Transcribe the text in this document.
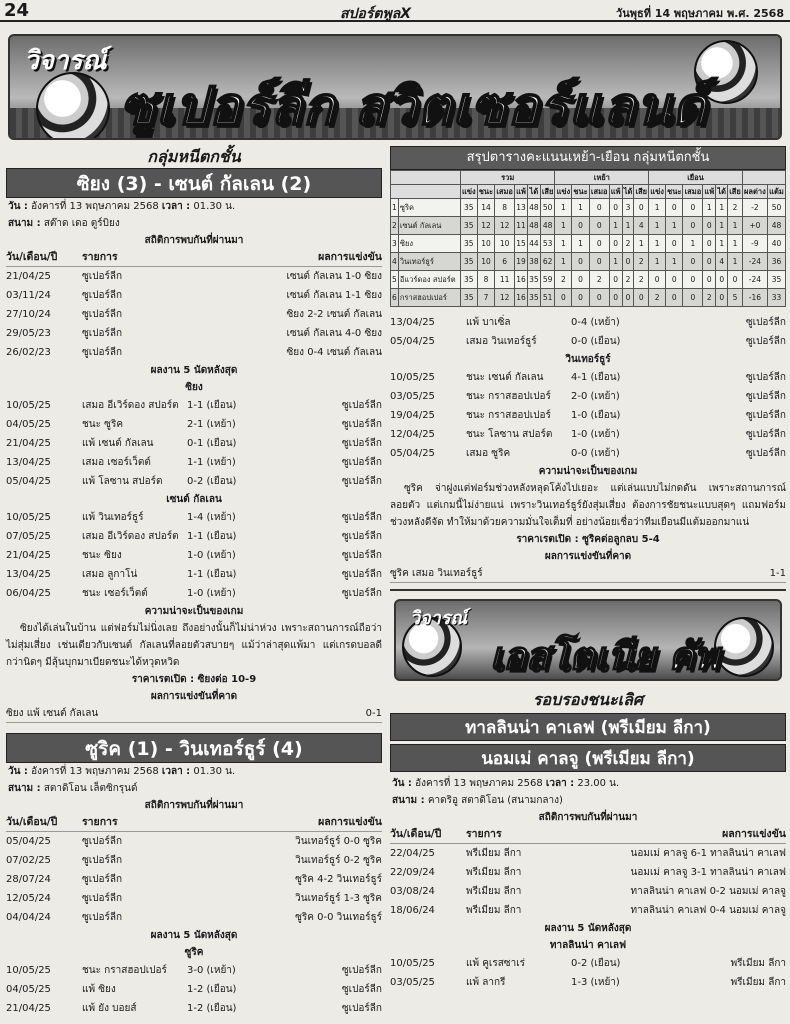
24	สปอร์ตพูลX	วันพุธที่ 14 พฤษภาคม พ.ศ. 2568
วิจารณ์
ซูเปอร์ลีก สวิตเซอร์แลนด์
กลุ่มหนีตกชั้น
ซิยง (3) - เซนต์ กัลเลน (2)
วัน : อังคารที่ 13 พฤษภาคม 2568 เวลา : 01.30 น.
สนาม : สต๊าด เดอ ตูร์บิยง
สถิติการพบกันที่ผ่านมา
วัน/เดือน/ปี	รายการ	ผลการแข่งขัน
21/04/25	ซูเปอร์ลีก	เซนต์ กัลเลน 1-0 ซิยง
03/11/24	ซูเปอร์ลีก	เซนต์ กัลเลน 1-1 ซิยง
27/10/24	ซูเปอร์ลีก	ซิยง 2-2 เซนต์ กัลเลน
29/05/23	ซูเปอร์ลีก	เซนต์ กัลเลน 4-0 ซิยง
26/02/23	ซูเปอร์ลีก	ซิยง 0-4 เซนต์ กัลเลน
ผลงาน 5 นัดหลังสุด
ซิยง
10/05/25	เสมอ อีเวิร์ดอง สปอร์ต 1-1 (เยือน)	ซูเปอร์ลีก
04/05/25	ชนะ ซูริค	2-1 (เหย้า)	ซูเปอร์ลีก
21/04/25	แพ้ เซนต์ กัลเลน	0-1 (เยือน)	ซูเปอร์ลีก
13/04/25	เสมอ เซอร์เว็ตต์	1-1 (เหย้า)	ซูเปอร์ลีก
05/04/25	แพ้ โลซาน สปอร์ต	0-2 (เยือน)	ซูเปอร์ลีก
เซนต์ กัลเลน
10/05/25	แพ้ วินเทอร์ธูร์	1-4 (เหย้า)	ซูเปอร์ลีก
07/05/25	เสมอ อีเวิร์ดอง สปอร์ต 1-1 (เยือน)	ซูเปอร์ลีก
21/04/25	ชนะ ซิยง	1-0 (เหย้า)	ซูเปอร์ลีก
13/04/25	เสมอ ลูกาโน่	1-1 (เยือน)	ซูเปอร์ลีก
06/04/25	ชนะ เซอร์เว็ตต์	1-0 (เหย้า)	ซูเปอร์ลีก
ความน่าจะเป็นของเกม
ซิยงได้เล่นในบ้าน แต่ฟอร์มไม่นิ่งเลย ถึงอย่างนั้นก็ไม่น่าห่วง เพราะสถานการณ์ถือว่าไม่สุ่มเสี่ยง เช่นเดียวกับเซนต์ กัลเลนที่ลอยตัวสบายๆ แม้ว่าล่าสุดแพ้มา แต่เกรดบอลดีกว่านิดๆ มีลุ้นบุกมาเบียดชนะได้หวุดหวิด
ราคาเรตเปิด : ซิยงต่อ 10-9
ผลการแข่งขันที่คาด
ซิยง แพ้ เซนต์ กัลเลน	0-1
ซูริค (1) - วินเทอร์ธูร์ (4)
วัน : อังคารที่ 13 พฤษภาคม 2568 เวลา : 01.30 น.
สนาม : สตาดิโอน เล็ตซิกรุนด์
สถิติการพบกันที่ผ่านมา
วัน/เดือน/ปี	รายการ	ผลการแข่งขัน
05/04/25	ซูเปอร์ลีก	วินเทอร์ธูร์ 0-0 ซูริค
07/02/25	ซูเปอร์ลีก	วินเทอร์ธูร์ 0-2 ซูริค
28/07/24	ซูเปอร์ลีก	ซูริค 4-2 วินเทอร์ธูร์
12/05/24	ซูเปอร์ลีก	วินเทอร์ธูร์ 1-3 ซูริค
04/04/24	ซูเปอร์ลีก	ซูริค 0-0 วินเทอร์ธูร์
ผลงาน 5 นัดหลังสุด
ซูริค
10/05/25	ชนะ กราสฮอปเปอร์	3-0 (เหย้า)	ซูเปอร์ลีก
04/05/25	แพ้ ซิยง	1-2 (เยือน)	ซูเปอร์ลีก
21/04/25	แพ้ ยัง บอยส์	1-2 (เยือน)	ซูเปอร์ลีก
สรุปตารางคะแนนเหย้า-เยือน กลุ่มหนีตกชั้น
		รวม						เหย้า						เยือน							
		แข่ง	ชนะ	เสมอ	แพ้	ได้	เสีย	แข่ง	ชนะ	เสมอ	แพ้	ได้	เสีย	แข่ง	ชนะ	เสมอ	แพ้	ได้	เสีย	ผลต่าง	แต้ม
1	ซูริค	35	14	8	13	48	50	1	1	0	0	3	0	1	0	0	1	1	2	-2	50
2	เซนต์ กัลเลน	35	12	12	11	48	48	1	0	0	1	1	4	1	1	0	0	1	1	+0	48
3	ซิยง	35	10	10	15	44	53	1	1	0	0	2	1	1	0	1	0	1	1	-9	40
4	วินเทอร์ธูร์	35	10	6	19	38	62	1	0	0	1	0	2	1	1	0	0	4	1	-24	36
5	อีแวร์ดอง สปอร์ต	35	8	11	16	35	59	2	0	2	0	2	2	0	0	0	0	0	0	-24	35
6	กราสฮอปเปอร์	35	7	12	16	35	51	0	0	0	0	0	0	2	0	0	2	0	5	-16	33
13/04/25	แพ้ บาเซิ่ล	0-4 (เหย้า)	ซูเปอร์ลีก
05/04/25	เสมอ วินเทอร์ธูร์	0-0 (เยือน)	ซูเปอร์ลีก
วินเทอร์ธูร์
10/05/25	ชนะ เซนต์ กัลเลน	4-1 (เยือน)	ซูเปอร์ลีก
03/05/25	ชนะ กราสฮอปเปอร์	2-0 (เหย้า)	ซูเปอร์ลีก
19/04/25	ชนะ กราสฮอปเปอร์	1-0 (เยือน)	ซูเปอร์ลีก
12/04/25	ชนะ โลซาน สปอร์ต	1-0 (เหย้า)	ซูเปอร์ลีก
05/04/25	เสมอ ซูริค	0-0 (เหย้า)	ซูเปอร์ลีก
ความน่าจะเป็นของเกม
ซูริค จ่าฝูงแต่ฟอร์มช่วงหลังหลุดโค้งไปเยอะ แต่เล่นแบบไม่กดดัน เพราะสถานการณ์ลอยตัว แต่เกมนี้ไม่ง่ายแน่ เพราะวินเทอร์ธูร์ยังสุ่มเสี่ยง ต้องการชัยชนะแบบสุดๆ แถมฟอร์มช่วงหลังดีจัด ทำให้มาด้วยความมั่นใจเต็มที่ อย่างน้อยเชื่อว่าทีมเยือนมีแต้มออกมาแน่
ราคาเรตเปิด : ซูริคต่อลูกลบ 5-4
ผลการแข่งขันที่คาด
ซูริค เสมอ วินเทอร์ธูร์	1-1
วิจารณ์
เอสโตเนีย คัพ
รอบรองชนะเลิศ
ทาลลินน่า คาเลฟ (พรีเมียม ลีกา)
นอมเม่ คาลจู (พรีเมียม ลีกา)
วัน : อังคารที่ 13 พฤษภาคม 2568 เวลา : 23.00 น.
สนาม : คาดริอู สตาดิโอน (สนามกลาง)
สถิติการพบกันที่ผ่านมา
วัน/เดือน/ปี	รายการ	ผลการแข่งขัน
22/04/25	พรีเมียม ลีกา	นอมเม่ คาลจู 6-1 ทาลลินน่า คาเลฟ
22/09/24	พรีเมียม ลีกา	นอมเม่ คาลจู 3-1 ทาลลินน่า คาเลฟ
03/08/24	พรีเมียม ลีกา	ทาลลินน่า คาเลฟ 0-2 นอมเม่ คาลจู
18/06/24	พรีเมียม ลีกา	ทาลลินน่า คาเลฟ 0-4 นอมเม่ คาลจู
ผลงาน 5 นัดหลังสุด
ทาลลินน่า คาเลฟ
10/05/25	แพ้ คูเรสซาเร่	0-2 (เยือน)	พรีเมียม ลีกา
03/05/25	แพ้ ลากรี	1-3 (เหย้า)	พรีเมียม ลีกา
